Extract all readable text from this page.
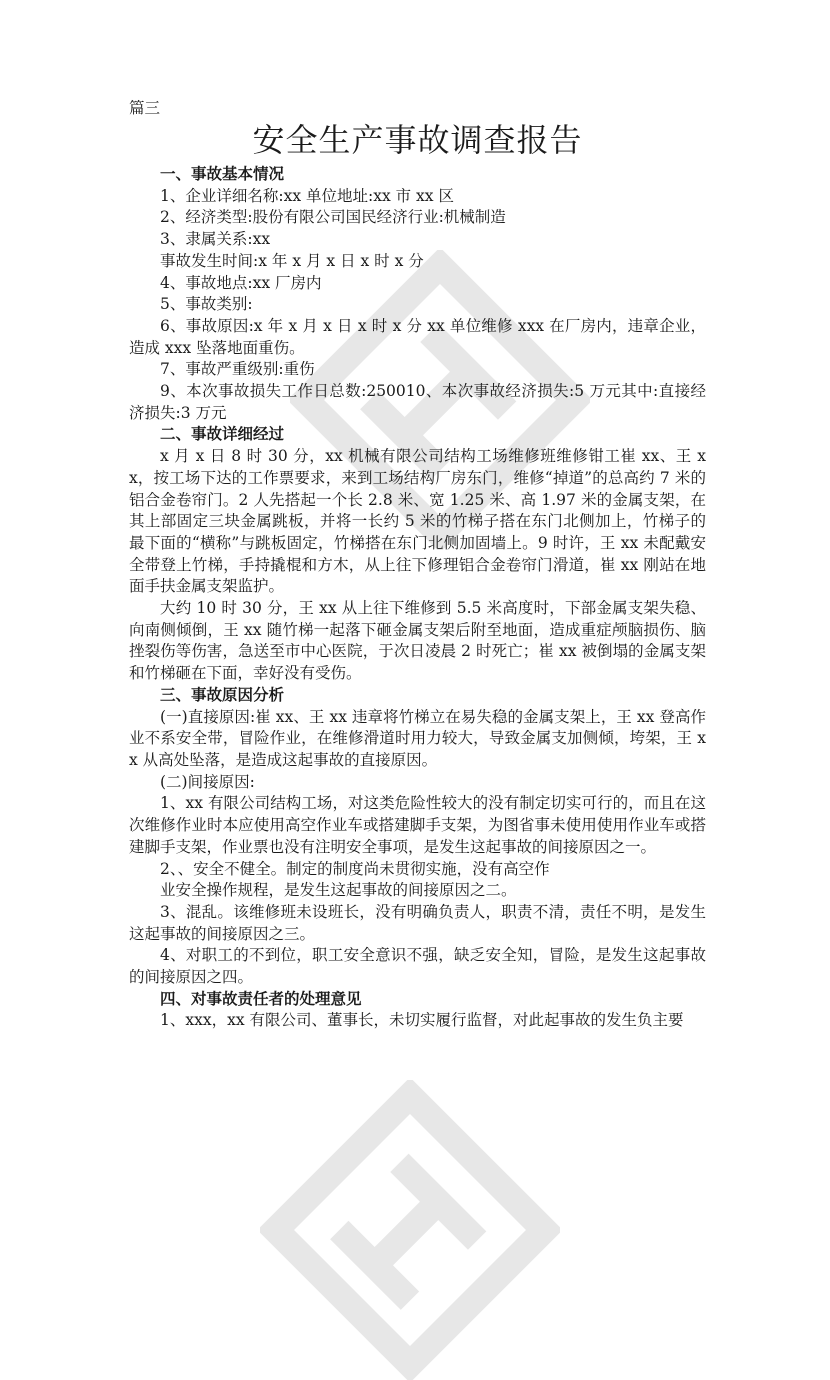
篇三

安全生产事故调查报告

一、事故基本情况

1、企业详细名称:xx 单位地址:xx 市 xx 区

2、经济类型:股份有限公司国民经济行业:机械制造

3、隶属关系:xx

事故发生时间:x 年 x 月 x 日 x 时 x 分

4、事故地点:xx 厂房内

5、事故类别:

6、事故原因:x 年 x 月 x 日 x 时 x 分 xx 单位维修 xxx 在厂房内，违章企业，造成 xxx 坠落地面重伤。

7、事故严重级别:重伤

9、本次事故损失工作日总数:250010、本次事故经济损失:5 万元其中:直接经济损失:3 万元

二、事故详细经过

x 月 x 日 8 时 30 分，xx 机械有限公司结构工场维修班维修钳工崔 xx、王 xx，按工场下达的工作票要求，来到工场结构厂房东门，维修“掉道”的总高约 7 米的铝合金卷帘门。2 人先搭起一个长 2.8 米、宽 1.25 米、高 1.97 米的金属支架，在其上部固定三块金属跳板，并将一长约 5 米的竹梯子搭在东门北侧加上，竹梯子的最下面的“横称”与跳板固定，竹梯搭在东门北侧加固墙上。9 时许，王 xx 未配戴安全带登上竹梯，手持撬棍和方木，从上往下修理铝合金卷帘门滑道，崔 xx 刚站在地面手扶金属支架监护。

大约 10 时 30 分，王 xx 从上往下维修到 5.5 米高度时，下部金属支架失稳、向南侧倾倒，王 xx 随竹梯一起落下砸金属支架后附至地面，造成重症颅脑损伤、脑挫裂伤等伤害，急送至市中心医院，于次日凌晨 2 时死亡；崔 xx 被倒塌的金属支架和竹梯砸在下面，幸好没有受伤。

三、事故原因分析

(一)直接原因:崔 xx、王 xx 违章将竹梯立在易失稳的金属支架上，王 xx 登高作业不系安全带，冒险作业，在维修滑道时用力较大，导致金属支加侧倾，垮架，王 xx 从高处坠落，是造成这起事故的直接原因。

(二)间接原因:

1、xx 有限公司结构工场，对这类危险性较大的没有制定切实可行的，而且在这次维修作业时本应使用高空作业车或搭建脚手支架，为图省事未使用使用作业车或搭建脚手支架，作业票也没有注明安全事项，是发生这起事故的间接原因之一。

2、、安全不健全。制定的制度尚未贯彻实施，没有高空作

业安全操作规程，是发生这起事故的间接原因之二。

3、混乱。该维修班未设班长，没有明确负责人，职责不清，责任不明，是发生这起事故的间接原因之三。

4、对职工的不到位，职工安全意识不强，缺乏安全知，冒险，是发生这起事故的间接原因之四。

四、对事故责任者的处理意见

1、xxx，xx 有限公司、董事长，未切实履行监督，对此起事故的发生负主要
